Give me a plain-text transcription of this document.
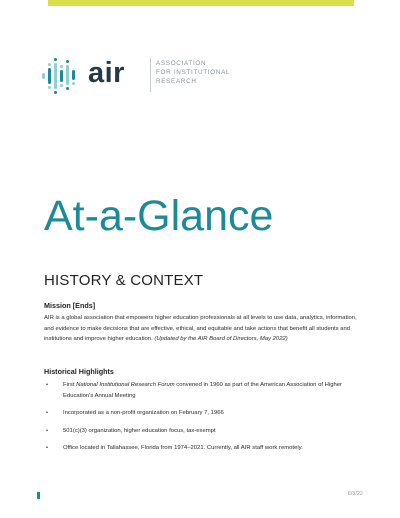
air	ASSOCIATION
FOR INSTITUTIONAL
RESEARCH
At-a-Glance
HISTORY & CONTEXT
Mission [Ends]
AIR is a global association that empowers higher education professionals at all levels to use data, analytics, information, and evidence to make decisions that are effective, ethical, and equitable and take actions that benefit all students and institutions and improve higher education. (Updated by the AIR Board of Directors, May 2022)
Historical Highlights
•	First National Institutional Research Forum convened in 1960 as part of the American Association of Higher Education's Annual Meeting
•	Incorporated as a non-profit organization on February 7, 1966
•	501(c)(3) organization, higher education focus, tax-exempt
•	Office located in Tallahassee, Florida from 1974–2021. Currently, all AIR staff work remotely.
6/3/22
